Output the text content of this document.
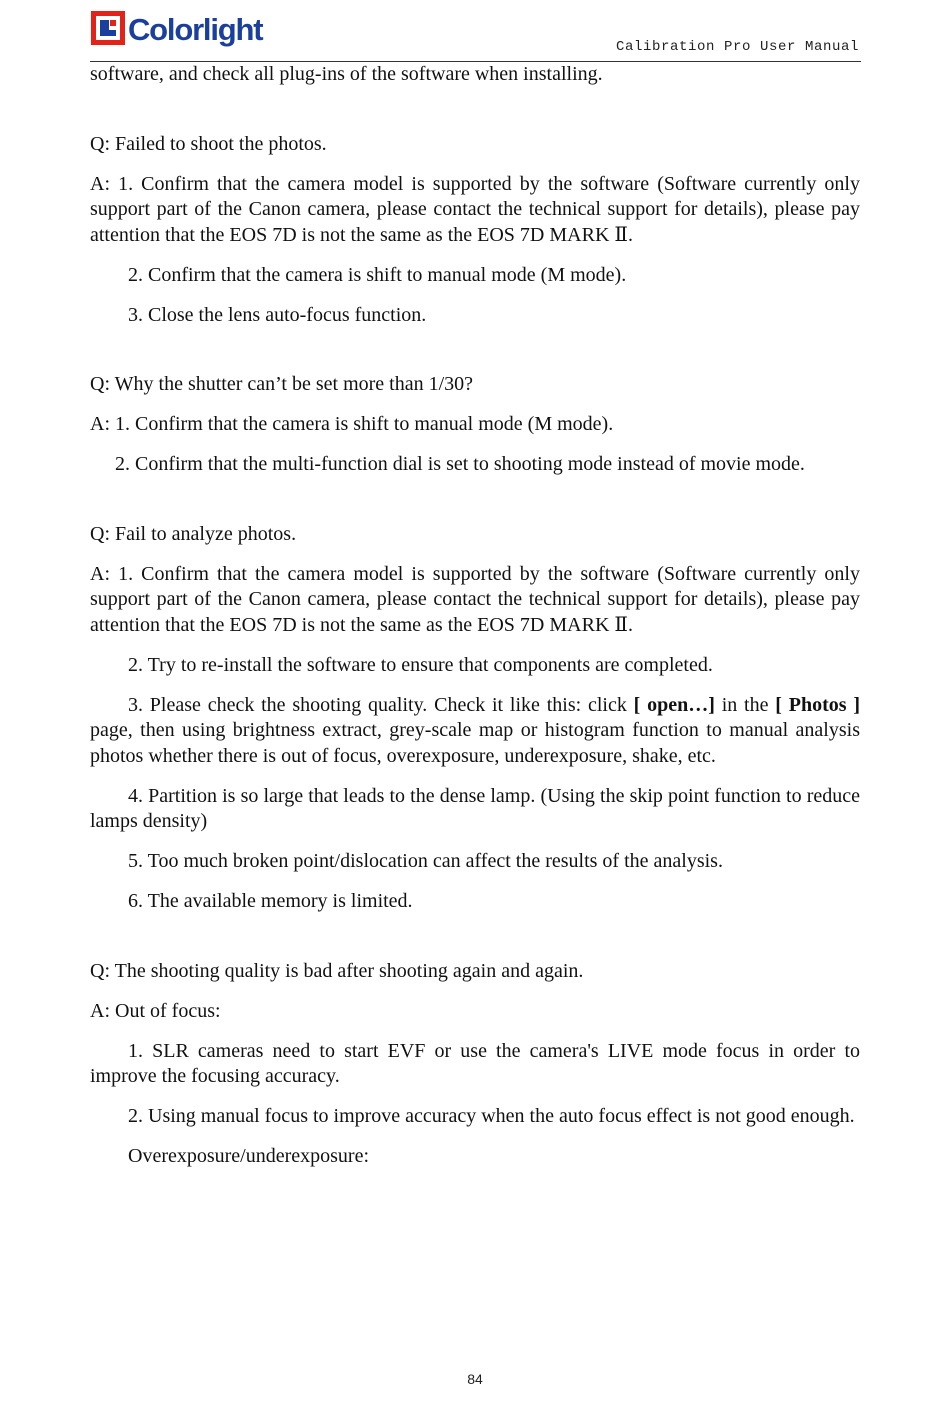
Colorlight	Calibration Pro User Manual

software, and check all plug-ins of the software when installing.

Q: Failed to shoot the photos.

A: 1. Confirm that the camera model is supported by the software (Software currently only support part of the Canon camera, please contact the technical support for details), please pay attention that the EOS 7D is not the same as the EOS 7D MARK Ⅱ.

2. Confirm that the camera is shift to manual mode (M mode).

3. Close the lens auto-focus function.

Q: Why the shutter can’t be set more than 1/30?

A: 1. Confirm that the camera is shift to manual mode (M mode).

2. Confirm that the multi-function dial is set to shooting mode instead of movie mode.

Q: Fail to analyze photos.

A: 1. Confirm that the camera model is supported by the software (Software currently only support part of the Canon camera, please contact the technical support for details), please pay attention that the EOS 7D is not the same as the EOS 7D MARK Ⅱ.

2. Try to re-install the software to ensure that components are completed.

3. Please check the shooting quality. Check it like this: click [ open…] in the [ Photos ] page, then using brightness extract, grey-scale map or histogram function to manual analysis photos whether there is out of focus, overexposure, underexposure, shake, etc.

4. Partition is so large that leads to the dense lamp. (Using the skip point function to reduce lamps density)

5. Too much broken point/dislocation can affect the results of the analysis.

6. The available memory is limited.

Q: The shooting quality is bad after shooting again and again.

A: Out of focus:

1. SLR cameras need to start EVF or use the camera's LIVE mode focus in order to improve the focusing accuracy.

2. Using manual focus to improve accuracy when the auto focus effect is not good enough.

Overexposure/underexposure:

84
